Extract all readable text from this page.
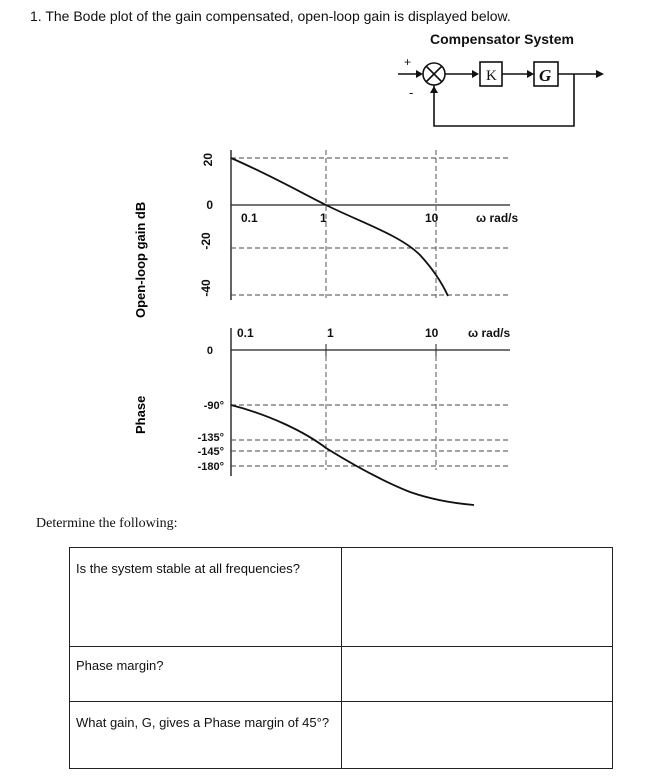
1. The Bode plot of the gain compensated, open-loop gain is displayed below.
Compensator System
+
-
K G
Open-loop gain dB
20
0
-20
-40
0.1	1	10	ω rad/s
Phase
0
-90°
-135°
-145°
-180°
0.1	1	10 ω rad/s
Determine the following:
Is the system stable at all frequencies?	
Phase margin?	
What gain, G, gives a Phase margin of 45°?	
